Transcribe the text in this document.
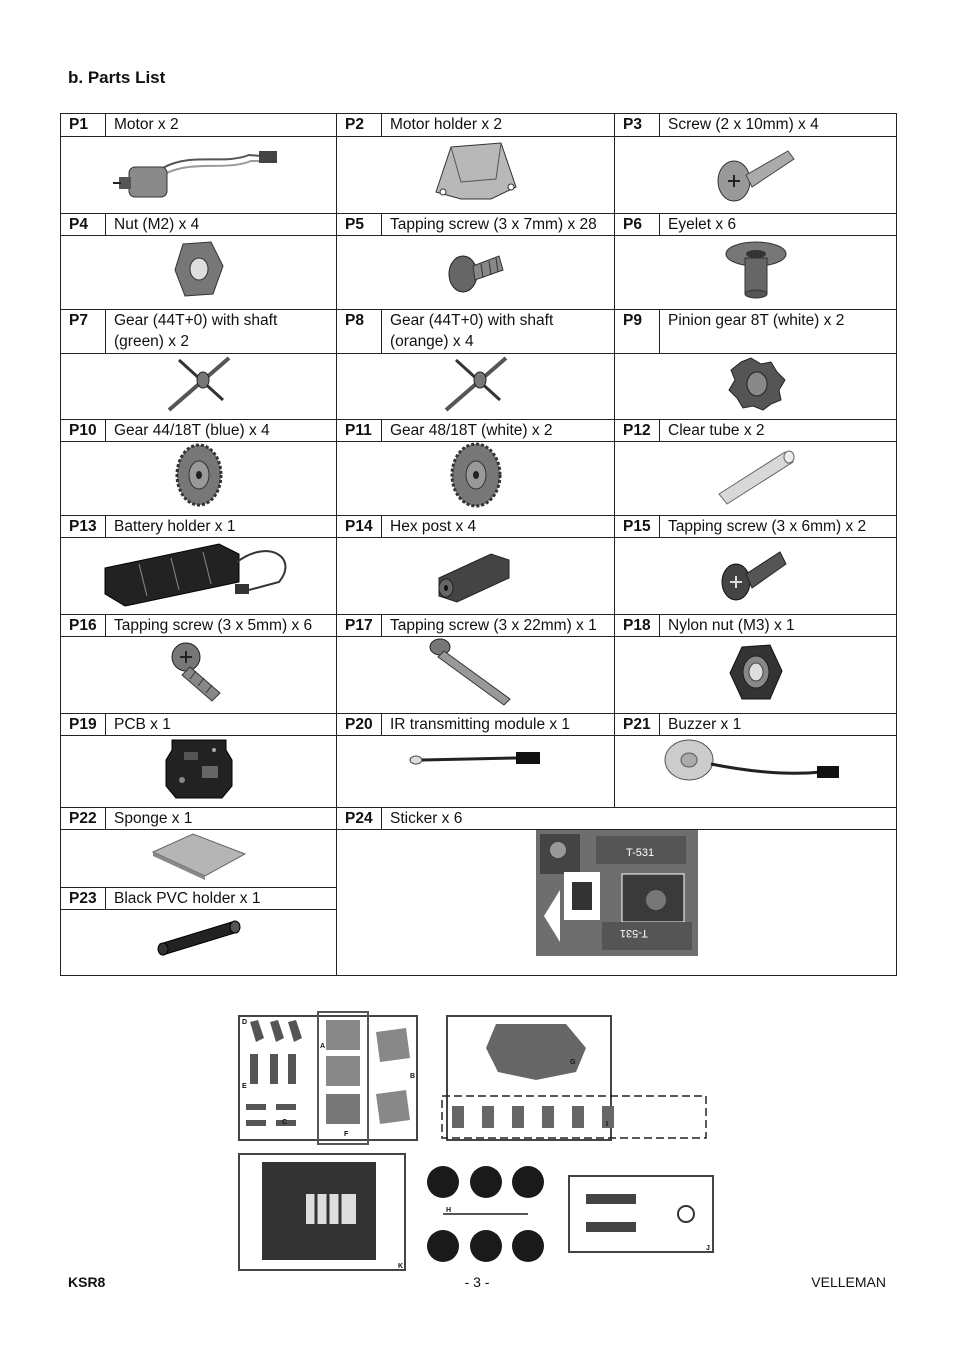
b. Parts List
P1	Motor x 2	P2	Motor holder x 2	P3	Screw (2 x 10mm) x 4

P4	Nut (M2) x 4	P5	Tapping screw (3 x 7mm) x 28	P6	Eyelet x 6

P7	Gear (44T+0) with shaft (green) x 2	P8	Gear (44T+0) with shaft (orange) x 4	P9	Pinion gear 8T (white) x 2

P10	Gear 44/18T (blue) x 4	P11	Gear 48/18T (white) x 2	P12	Clear tube x 2

P13	Battery holder x 1	P14	Hex post x 4	P15	Tapping screw (3 x 6mm) x 2

P16	Tapping screw (3 x 5mm) x 6	P17	Tapping screw (3 x 22mm) x 1	P18	Nylon nut (M3) x 1

P19	PCB x 1	P20	IR transmitting module x 1	P21	Buzzer x 1

P22	Sponge x 1	P24	Sticker x 6		

T-531
T-531			

P23	Black PVC holder x 1				

D
A
B
C
E
F
G
H
I
J
K
KSR8	- 3 -	VELLEMAN
